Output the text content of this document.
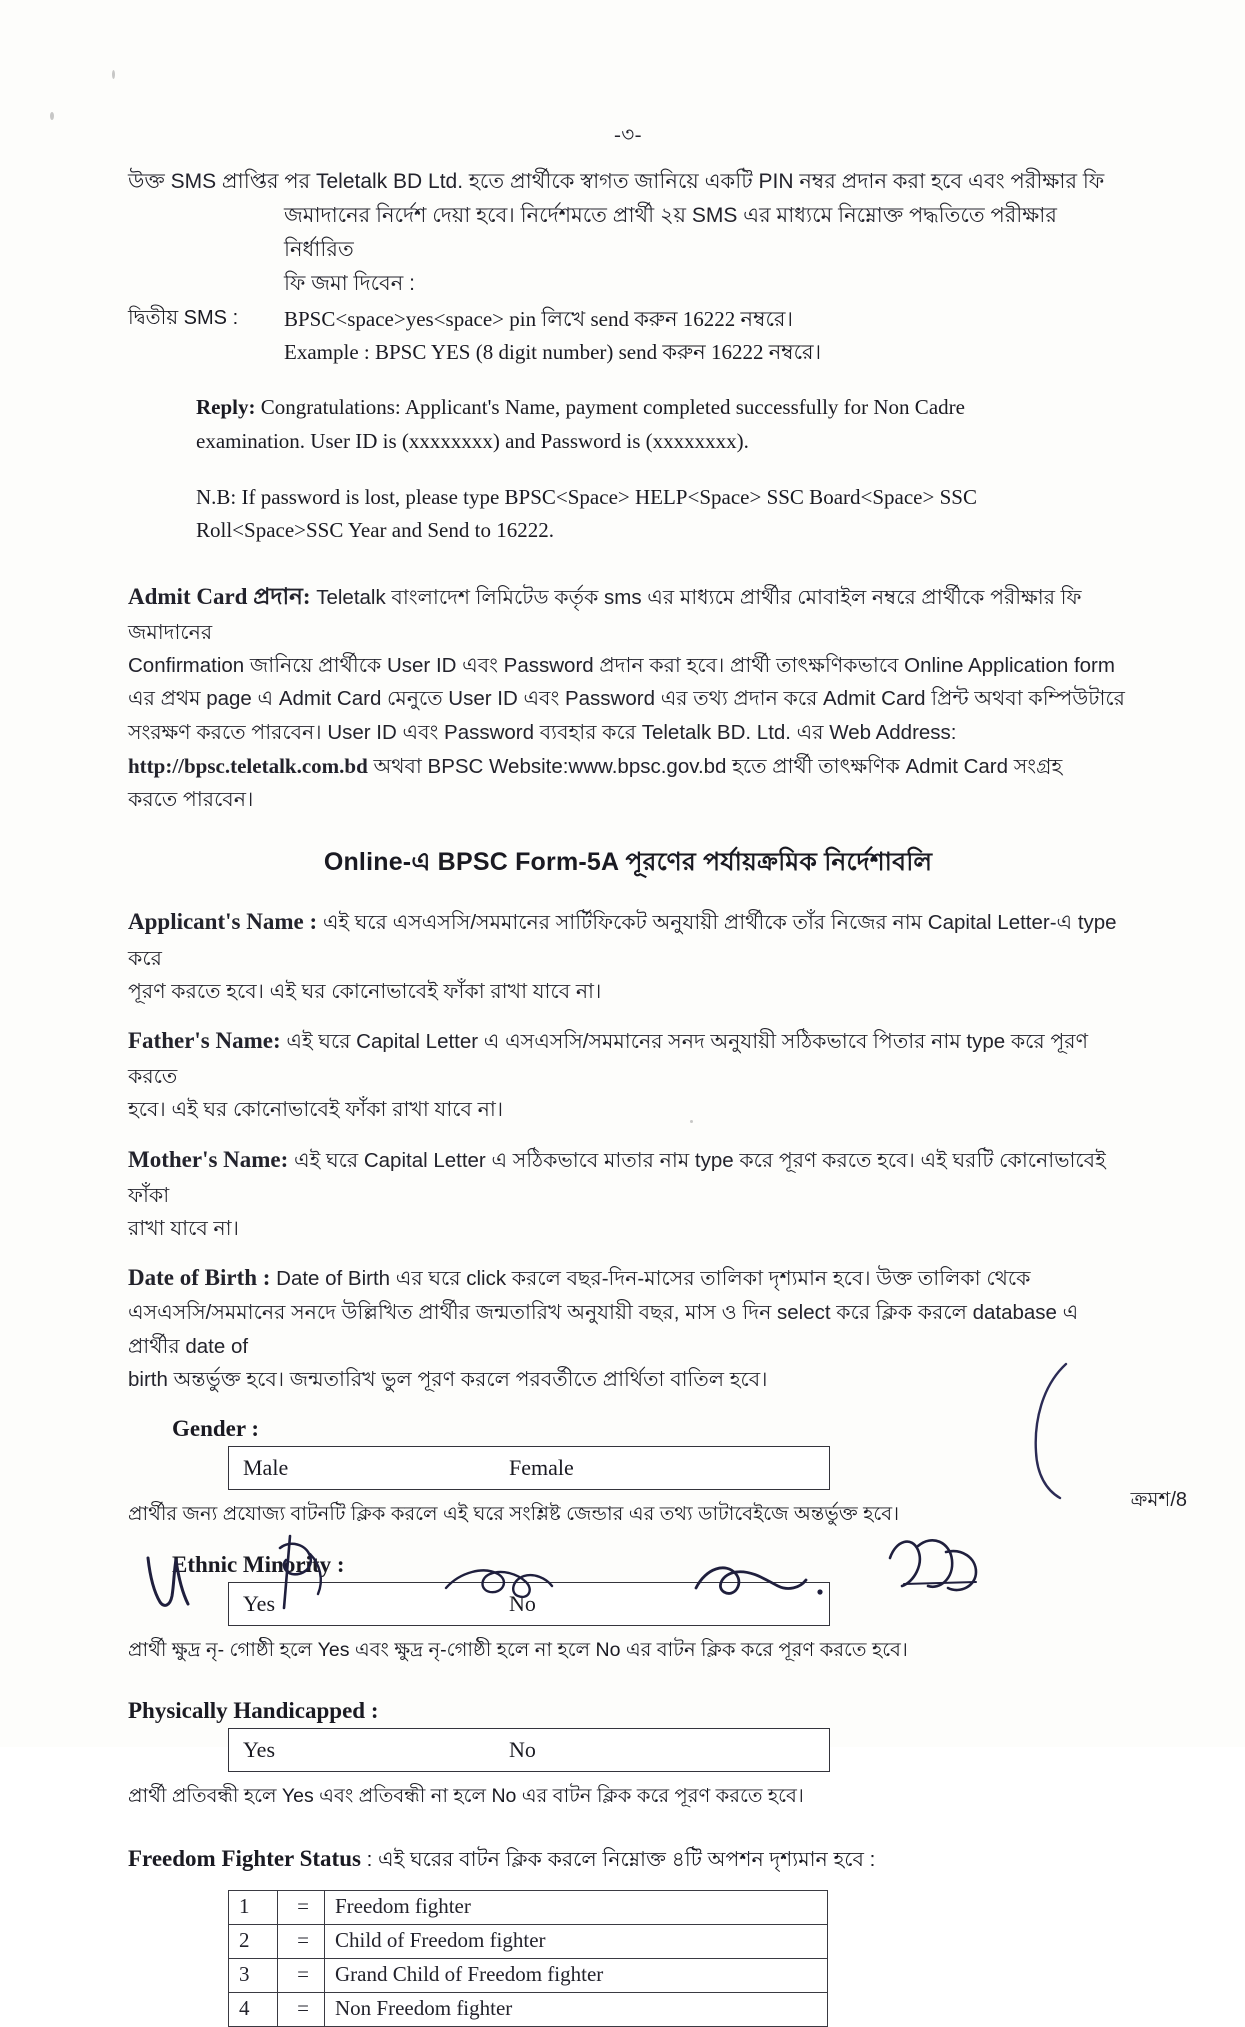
-৩-
উক্ত SMS প্রাপ্তির পর Teletalk BD Ltd. হতে প্রার্থীকে স্বাগত জানিয়ে একটি PIN নম্বর প্রদান করা হবে এবং পরীক্ষার ফি
জমাদানের নির্দেশ দেয়া হবে। নির্দেশমতে প্রার্থী ২য় SMS এর মাধ্যমে নিম্নোক্ত পদ্ধতিতে পরীক্ষার নির্ধারিত
ফি জমা দিবেন :
দ্বিতীয় SMS :	BPSC<space>yes<space> pin লিখে send করুন 16222 নম্বরে।
Example : BPSC YES (8 digit number) send করুন 16222 নম্বরে।
Reply: Congratulations: Applicant's Name, payment completed successfully for Non Cadre
examination. User ID is (xxxxxxxx) and Password is (xxxxxxxx).
N.B: If password is lost, please type BPSC<Space> HELP<Space> SSC Board<Space> SSC
Roll<Space>SSC Year and Send to 16222.
Admit Card প্রদান: Teletalk বাংলাদেশ লিমিটেড কর্তৃক sms এর মাধ্যমে প্রার্থীর মোবাইল নম্বরে প্রার্থীকে পরীক্ষার ফি জমাদানের
Confirmation জানিয়ে প্রার্থীকে User ID এবং Password প্রদান করা হবে। প্রার্থী তাৎক্ষণিকভাবে Online Application form
এর প্রথম page এ Admit Card মেনুতে User ID এবং Password এর তথ্য প্রদান করে Admit Card প্রিন্ট অথবা কম্পিউটারে
সংরক্ষণ করতে পারবেন। User ID এবং Password ব্যবহার করে Teletalk BD. Ltd. এর Web Address:
http://bpsc.teletalk.com.bd অথবা BPSC Website:www.bpsc.gov.bd হতে প্রার্থী তাৎক্ষণিক Admit Card সংগ্রহ
করতে পারবেন।
Online-এ BPSC Form-5A পূরণের পর্যায়ক্রমিক নির্দেশাবলি
Applicant's Name : এই ঘরে এসএসসি/সমমানের সার্টিফিকেট অনুযায়ী প্রার্থীকে তাঁর নিজের নাম Capital Letter-এ type করে
পূরণ করতে হবে। এই ঘর কোনোভাবেই ফাঁকা রাখা যাবে না।
Father's Name: এই ঘরে Capital Letter এ এসএসসি/সমমানের সনদ অনুযায়ী সঠিকভাবে পিতার নাম type করে পূরণ করতে
হবে। এই ঘর কোনোভাবেই ফাঁকা রাখা যাবে না।
Mother's Name: এই ঘরে Capital Letter এ সঠিকভাবে মাতার নাম type করে পূরণ করতে হবে। এই ঘরটি কোনোভাবেই ফাঁকা
রাখা যাবে না।
Date of Birth : Date of Birth এর ঘরে click করলে বছর-দিন-মাসের তালিকা দৃশ্যমান হবে। উক্ত তালিকা থেকে
এসএসসি/সমমানের সনদে উল্লিখিত প্রার্থীর জন্মতারিখ অনুযায়ী বছর, মাস ও দিন select করে ক্লিক করলে database এ প্রার্থীর date of
birth অন্তর্ভুক্ত হবে। জন্মতারিখ ভুল পূরণ করলে পরবর্তীতে প্রার্থিতা বাতিল হবে।
Gender :
Male	Female
প্রার্থীর জন্য প্রযোজ্য বাটনটি ক্লিক করলে এই ঘরে সংশ্লিষ্ট জেন্ডার এর তথ্য ডাটাবেইজে অন্তর্ভুক্ত হবে।
Ethnic Minority :
Yes	No
প্রার্থী ক্ষুদ্র নৃ- গোষ্ঠী হলে Yes এবং ক্ষুদ্র নৃ-গোষ্ঠী হলে না হলে No এর বাটন ক্লিক করে পূরণ করতে হবে।
Physically Handicapped :
Yes	No
প্রার্থী প্রতিবন্ধী হলে Yes এবং প্রতিবন্ধী না হলে No এর বাটন ক্লিক করে পূরণ করতে হবে।
Freedom Fighter Status : এই ঘরের বাটন ক্লিক করলে নিম্নোক্ত ৪টি অপশন দৃশ্যমান হবে :
1	=	Freedom fighter
2	=	Child of Freedom fighter
3	=	Grand Child of Freedom fighter
4	=	Non Freedom fighter
ক্রমশ/8
